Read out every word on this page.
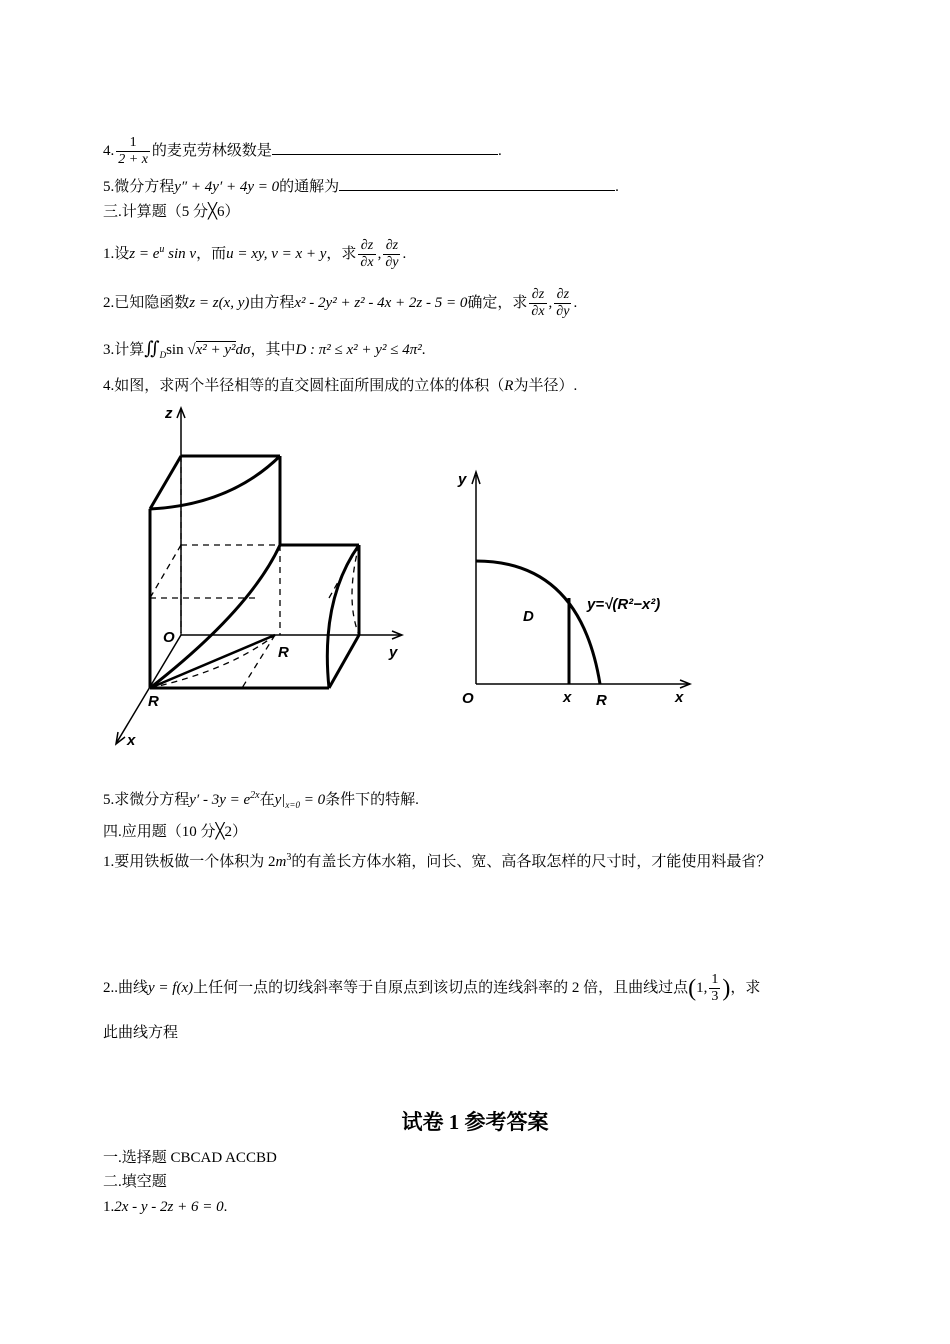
4. $\frac{1}{2 + x}$ 的麦克劳林级数是	.
5.微分方程y″ + 4y′ + 4y = 0的通解为	.
三.计算题（5 分╳6）
1.设$z = e^u$ sin v，而u = xy, v = x + y，求 $\frac{\partial z}{\partial x}$ , $\frac{\partial z}{\partial y}$ .
2.已知隐函数z = z(x, y)由方程x² - 2y² + z² - 4x + 2z - 5 = 0确定，求 $\frac{\partial z}{\partial x}$ , $\frac{\partial z}{\partial y}$ .
3.计算$∬_D\sin$ √x² + y²dσ，其中D : π² ≤ x² + y² ≤ 4π².
4.如图，求两个半径相等的直交圆柱面所围成的立体的体积（R为半径）.
z
O
R
R
y
x
y
D
y=√(R²−x²)
O	x R	x
5.求微分方程$y' - 3y = e^{2x}$在$y|_{x=0} = 0$条件下的特解.
四.应用题（10 分╳2）
1.要用铁板做一个体积为 $2m^3$的有盖长方体水箱，问长、宽、高各取怎样的尺寸时，才能使用料最省？
2..曲线y = f(x)上任何一点的切线斜率等于自原点到该切点的连线斜率的 2 倍，且曲线过点(1, $\frac{1}{3}$ )，求
此曲线方程
试卷 1 参考答案
一.选择题 CBCAD ACCBD
二.填空题
1.2x - y - 2z + 6 = 0.
